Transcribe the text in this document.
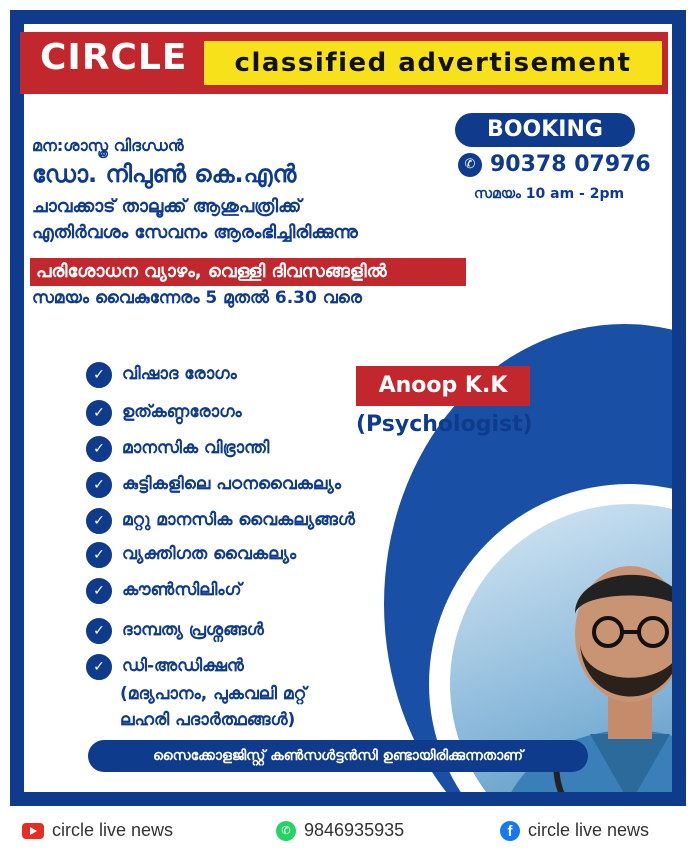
CIRCLE	classified advertisement
BOOKING
✆ 90378 07976
സമയം 10 am - 2pm
മന:ശാസ്ത്ര വിദഗ്ധൻ
ഡോ. നിപുൺ കെ.എൻ
ചാവക്കാട് താലൂക്ക് ആശുപത്രിക്ക്
എതിർവശം സേവനം ആരംഭിച്ചിരിക്കുന്നു
പരിശോധന വ്യാഴം, വെള്ളി ദിവസങ്ങളിൽ
സമയം വൈകുന്നേരം 5 മുതൽ 6.30 വരെ
✓	വിഷാദ രോഗം
✓	ഉത്കണ്ഠരോഗം
✓	മാനസിക വിഭ്രാന്തി
✓	കുട്ടികളിലെ പഠനവൈകല്യം
✓	മറ്റു മാനസിക വൈകല്യങ്ങൾ
✓	വ്യക്തിഗത വൈകല്യം
✓	കൗൺസിലിംഗ്
✓	ദാമ്പത്യ പ്രശ്നങ്ങൾ
✓	ഡി-അഡിക്ഷൻ
(മദ്യപാനം, പുകവലി മറ്റ്
ലഹരി പദാർത്ഥങ്ങൾ)
Anoop K.K
(Psychologist)
സൈക്കോളജിസ്റ്റ് കൺസൾട്ടൻസി ഉണ്ടായിരിക്കുന്നതാണ്
circle live news	✆ 9846935935	f circle live news
